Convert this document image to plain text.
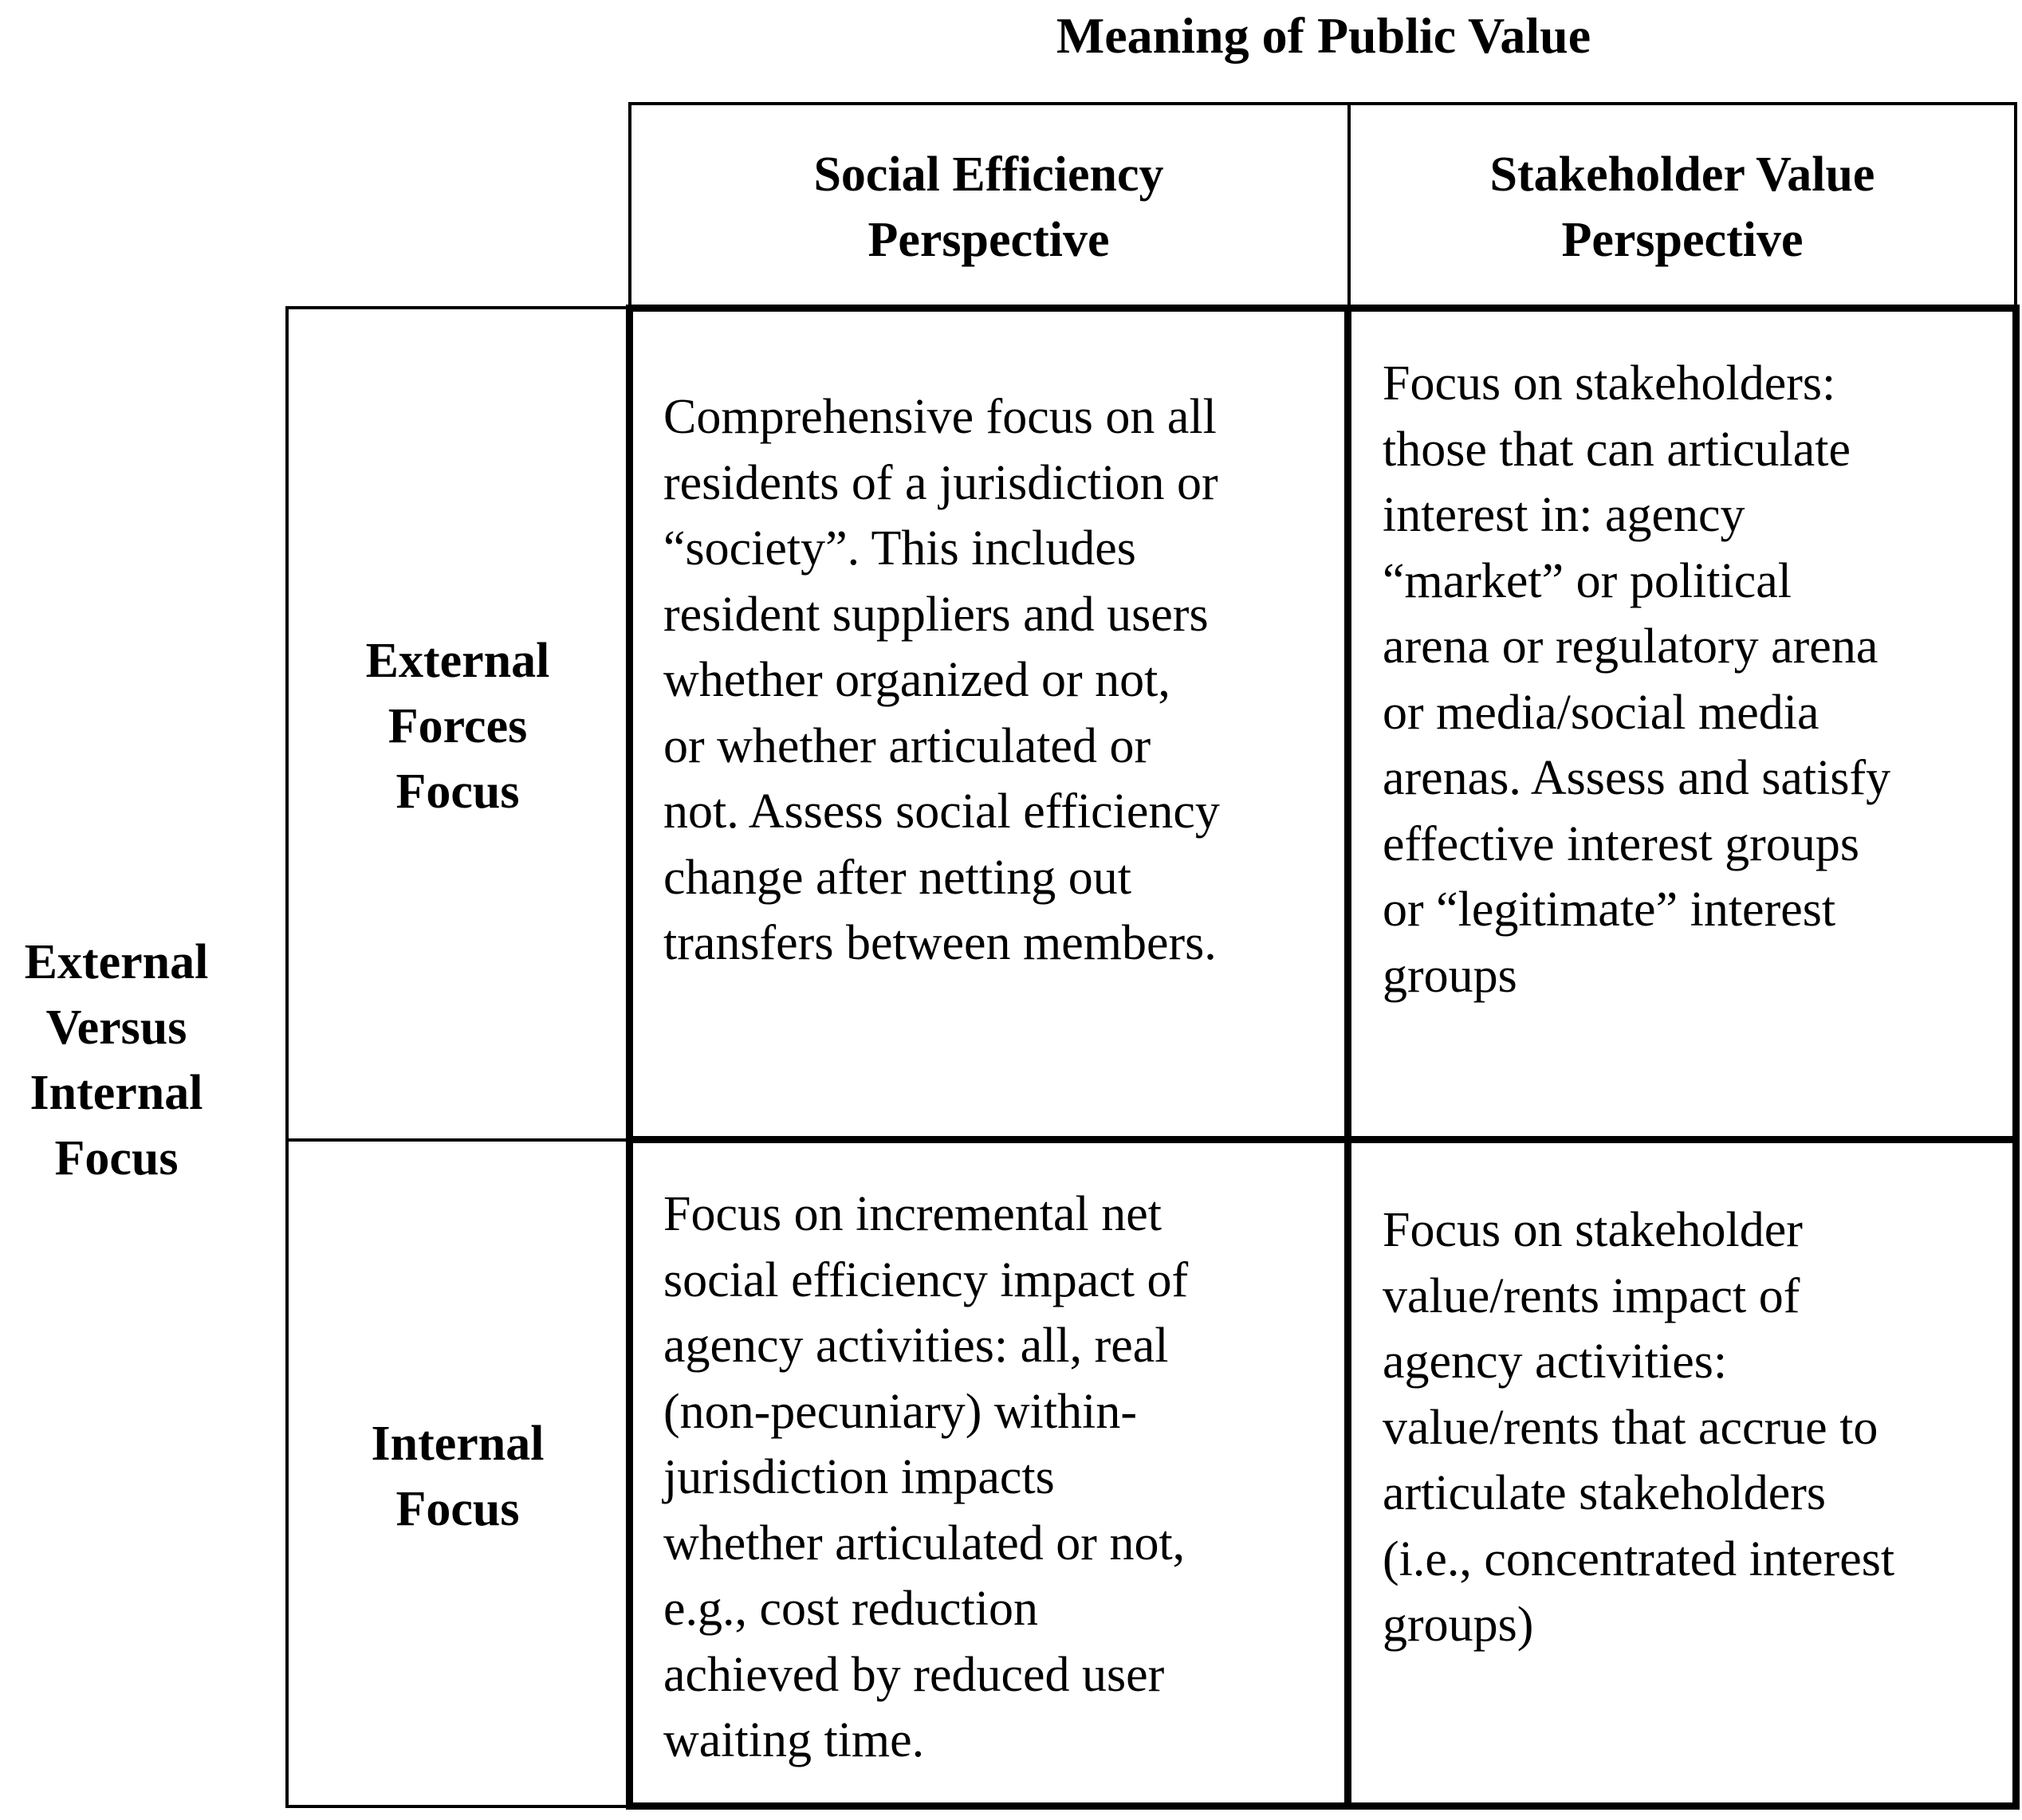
Meaning of Public Value
Social Efficiency
Perspective
Stakeholder Value
Perspective
External
Versus
Internal
Focus
External
Forces
Focus
Internal
Focus

Comprehensive focus on all

residents of a jurisdiction or

“society”. This includes

resident suppliers and users

whether organized or not,

or whether articulated or

not. Assess social efficiency

change after netting out

transfers between members.

Focus on stakeholders:

those that can articulate

interest in: agency

“market” or political

arena or regulatory arena

or media/social media

arenas. Assess and satisfy

effective interest groups

or “legitimate” interest

groups

Focus on incremental net

social efficiency impact of

agency activities: all, real

(non-pecuniary) within-

jurisdiction impacts

whether articulated or not,

e.g., cost reduction

achieved by reduced user

waiting time.

Focus on stakeholder

value/rents impact of

agency activities:

value/rents that accrue to

articulate stakeholders

(i.e., concentrated interest

groups)
